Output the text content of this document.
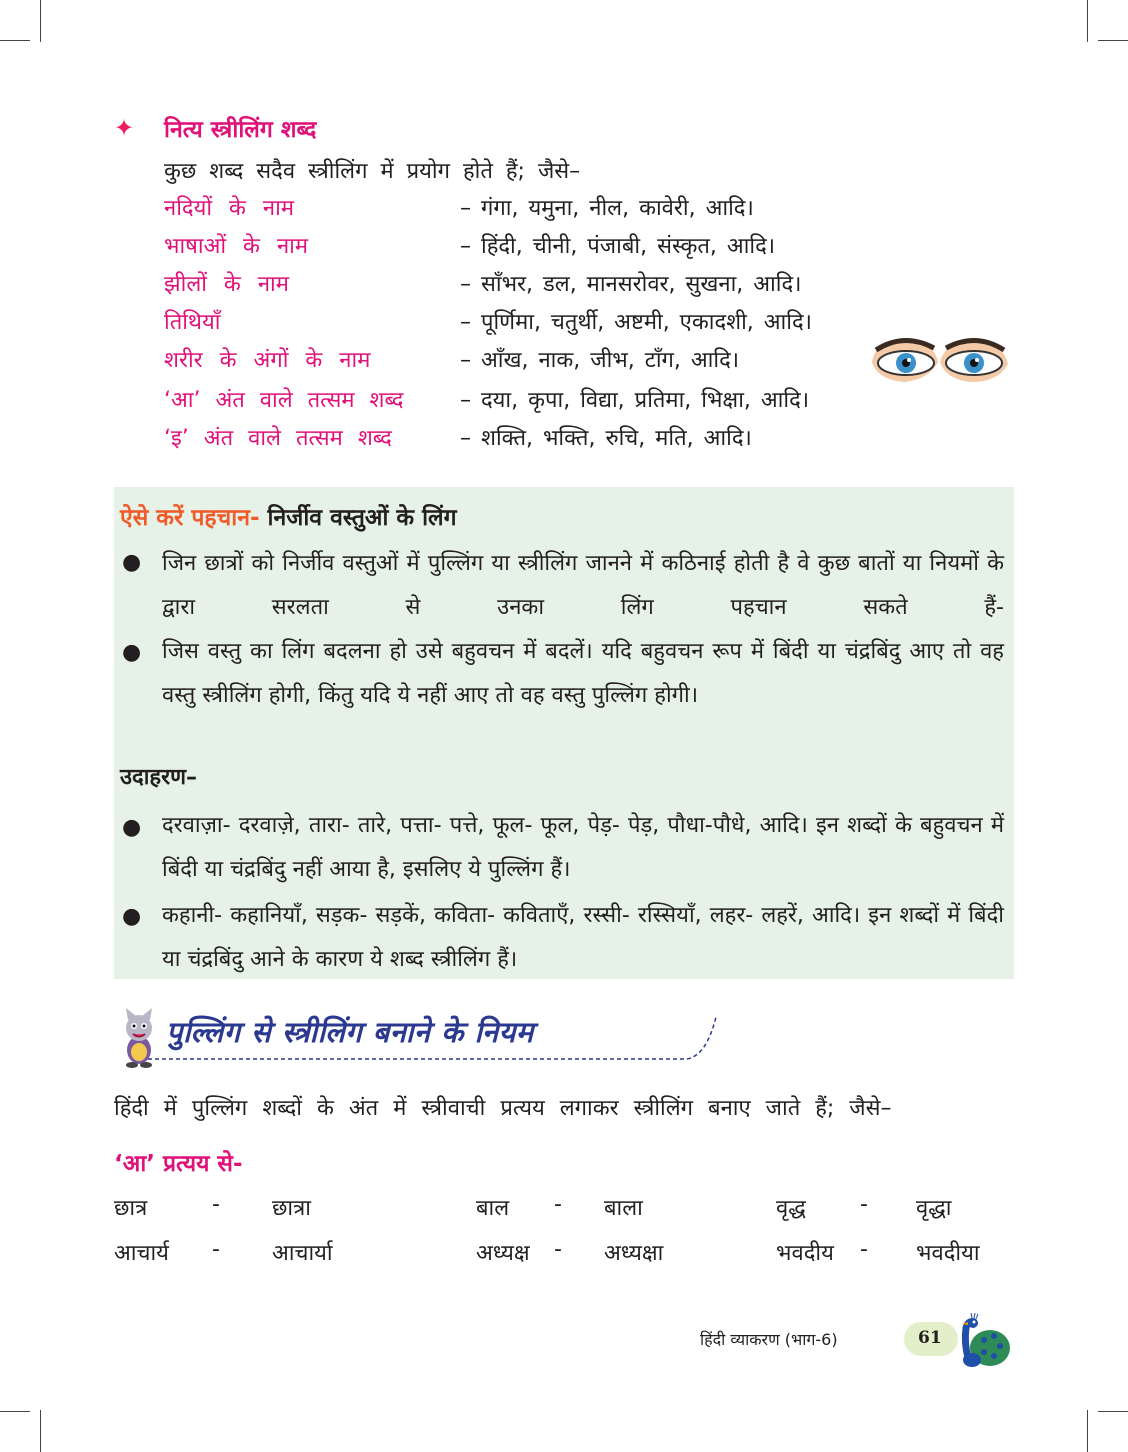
✦ नित्य स्त्रीलिंग शब्द
कुछ शब्द सदैव स्त्रीलिंग में प्रयोग होते हैं; जैसे–
नदियों के नाम	– गंगा, यमुना, नील, कावेरी, आदि।
भाषाओं के नाम	– हिंदी, चीनी, पंजाबी, संस्कृत, आदि।
झीलों के नाम	– साँभर, डल, मानसरोवर, सुखना, आदि।
तिथियाँ	– पूर्णिमा, चतुर्थी, अष्टमी, एकादशी, आदि।
शरीर के अंगों के नाम	– आँख, नाक, जीभ, टाँग, आदि।
‘आ’ अंत वाले तत्सम शब्द	– दया, कृपा, विद्या, प्रतिमा, भिक्षा, आदि।
‘इ’ अंत वाले तत्सम शब्द	– शक्ति, भक्ति, रुचि, मति, आदि।
ऐसे करें पहचान- निर्जीव वस्तुओं के लिंग
● जिन छात्रों को निर्जीव वस्तुओं में पुल्लिंग या स्त्रीलिंग जानने में कठिनाई होती है वे कुछ बातों या नियमों के द्वारा सरलता से उनका लिंग पहचान सकते हैं-
● जिस वस्तु का लिंग बदलना हो उसे बहुवचन में बदलें। यदि बहुवचन रूप में बिंदी या चंद्रबिंदु आए तो वह वस्तु स्त्रीलिंग होगी, किंतु यदि ये नहीं आए तो वह वस्तु पुल्लिंग होगी।
उदाहरण–
● दरवाज़ा- दरवाज़े, तारा- तारे, पत्ता- पत्ते, फूल- फूल, पेड़- पेड़, पौधा-पौधे, आदि। इन शब्दों के बहुवचन में बिंदी या चंद्रबिंदु नहीं आया है, इसलिए ये पुल्लिंग हैं।
● कहानी- कहानियाँ, सड़क- सड़कें, कविता- कविताएँ, रस्सी- रस्सियाँ, लहर- लहरें, आदि। इन शब्दों में बिंदी या चंद्रबिंदु आने के कारण ये शब्द स्त्रीलिंग हैं।
पुल्लिंग से स्त्रीलिंग बनाने के नियम
हिंदी में पुल्लिंग शब्दों के अंत में स्त्रीवाची प्रत्यय लगाकर स्त्रीलिंग बनाए जाते हैं; जैसे–
‘आ’ प्रत्यय से-
छात्र	- छात्रा	बाल - बाला	वृद्ध - वृद्धा
आचार्य - आचार्या	अध्यक्ष - अध्यक्षा	भवदीय - भवदीया
हिंदी व्याकरण (भाग-6)	61
